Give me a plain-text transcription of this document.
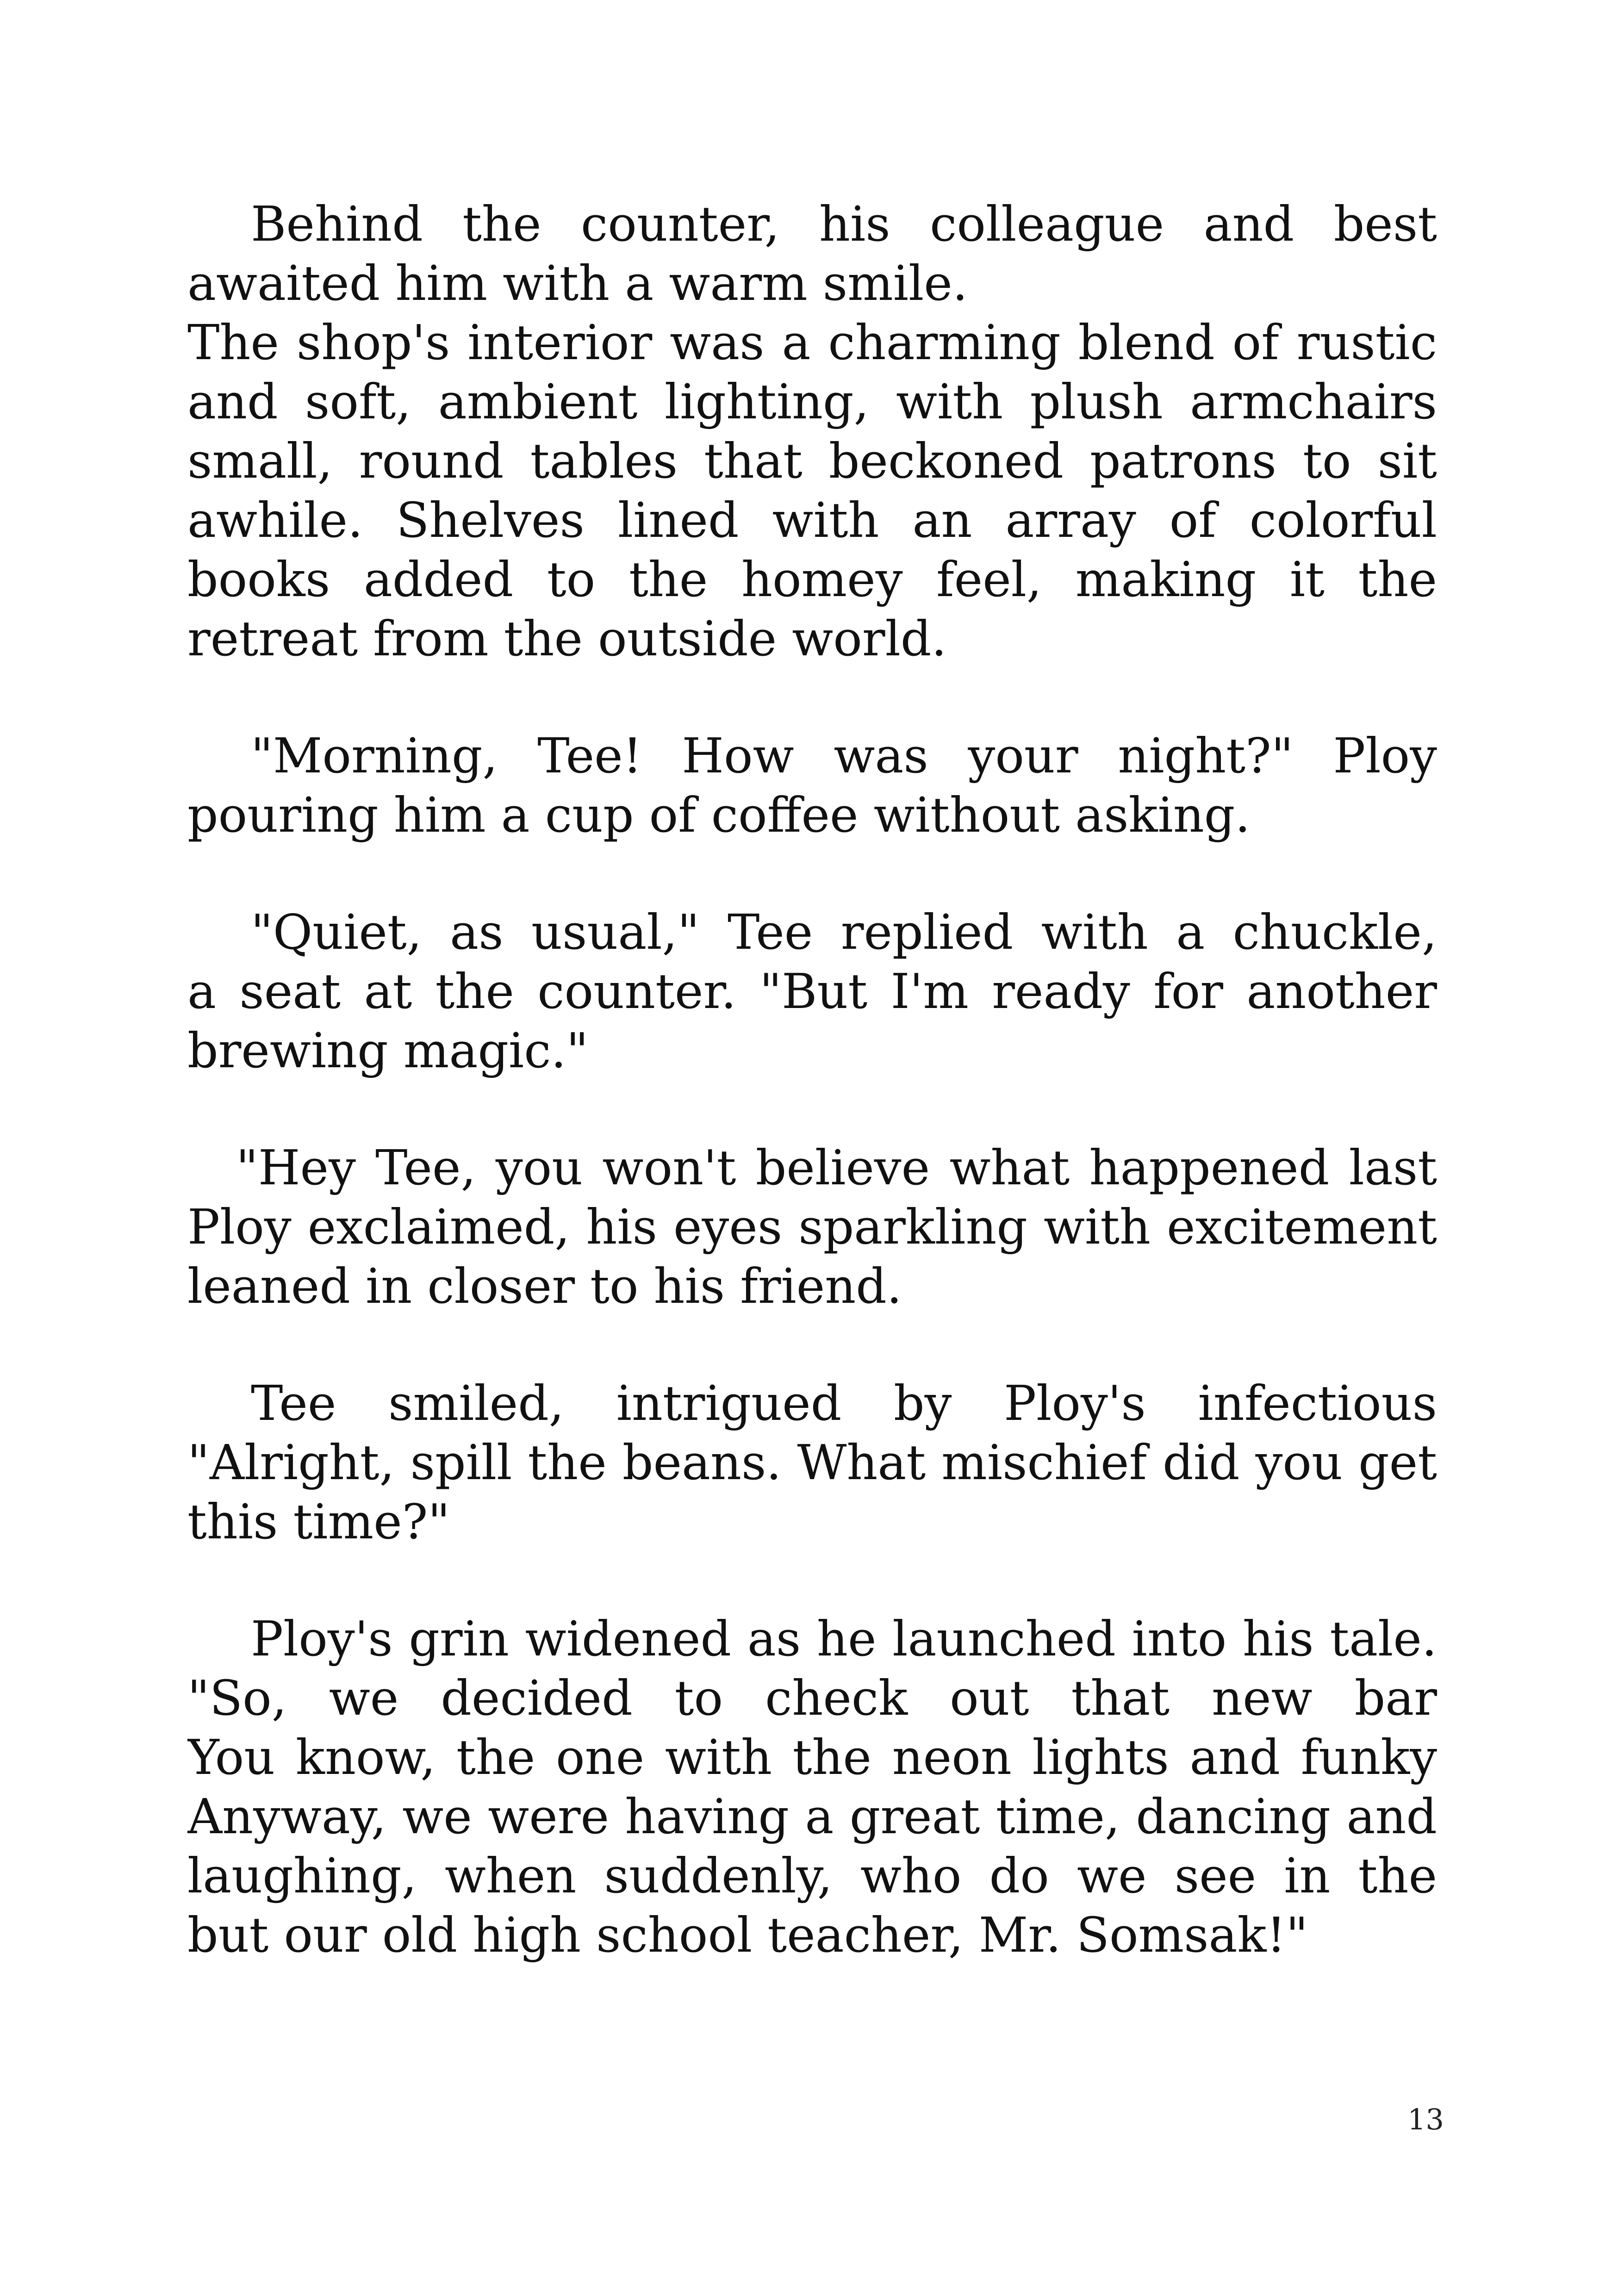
Behind the counter, his colleague and best
awaited him with a warm smile.
The shop's interior was a charming blend of rustic
and soft, ambient lighting, with plush armchairs
small, round tables that beckoned patrons to sit
awhile. Shelves lined with an array of colorful
books added to the homey feel, making it the
retreat from the outside world.
"Morning, Tee! How was your night?" Ploy
pouring him a cup of coffee without asking.
"Quiet, as usual," Tee replied with a chuckle,
a seat at the counter. "But I'm ready for another
brewing magic."
"Hey Tee, you won't believe what happened last
Ploy exclaimed, his eyes sparkling with excitement
leaned in closer to his friend.
Tee smiled, intrigued by Ploy's infectious
"Alright, spill the beans. What mischief did you get
this time?"
Ploy's grin widened as he launched into his tale.
"So, we decided to check out that new bar
You know, the one with the neon lights and funky
Anyway, we were having a great time, dancing and
laughing, when suddenly, who do we see in the
but our old high school teacher, Mr. Somsak!"
13
